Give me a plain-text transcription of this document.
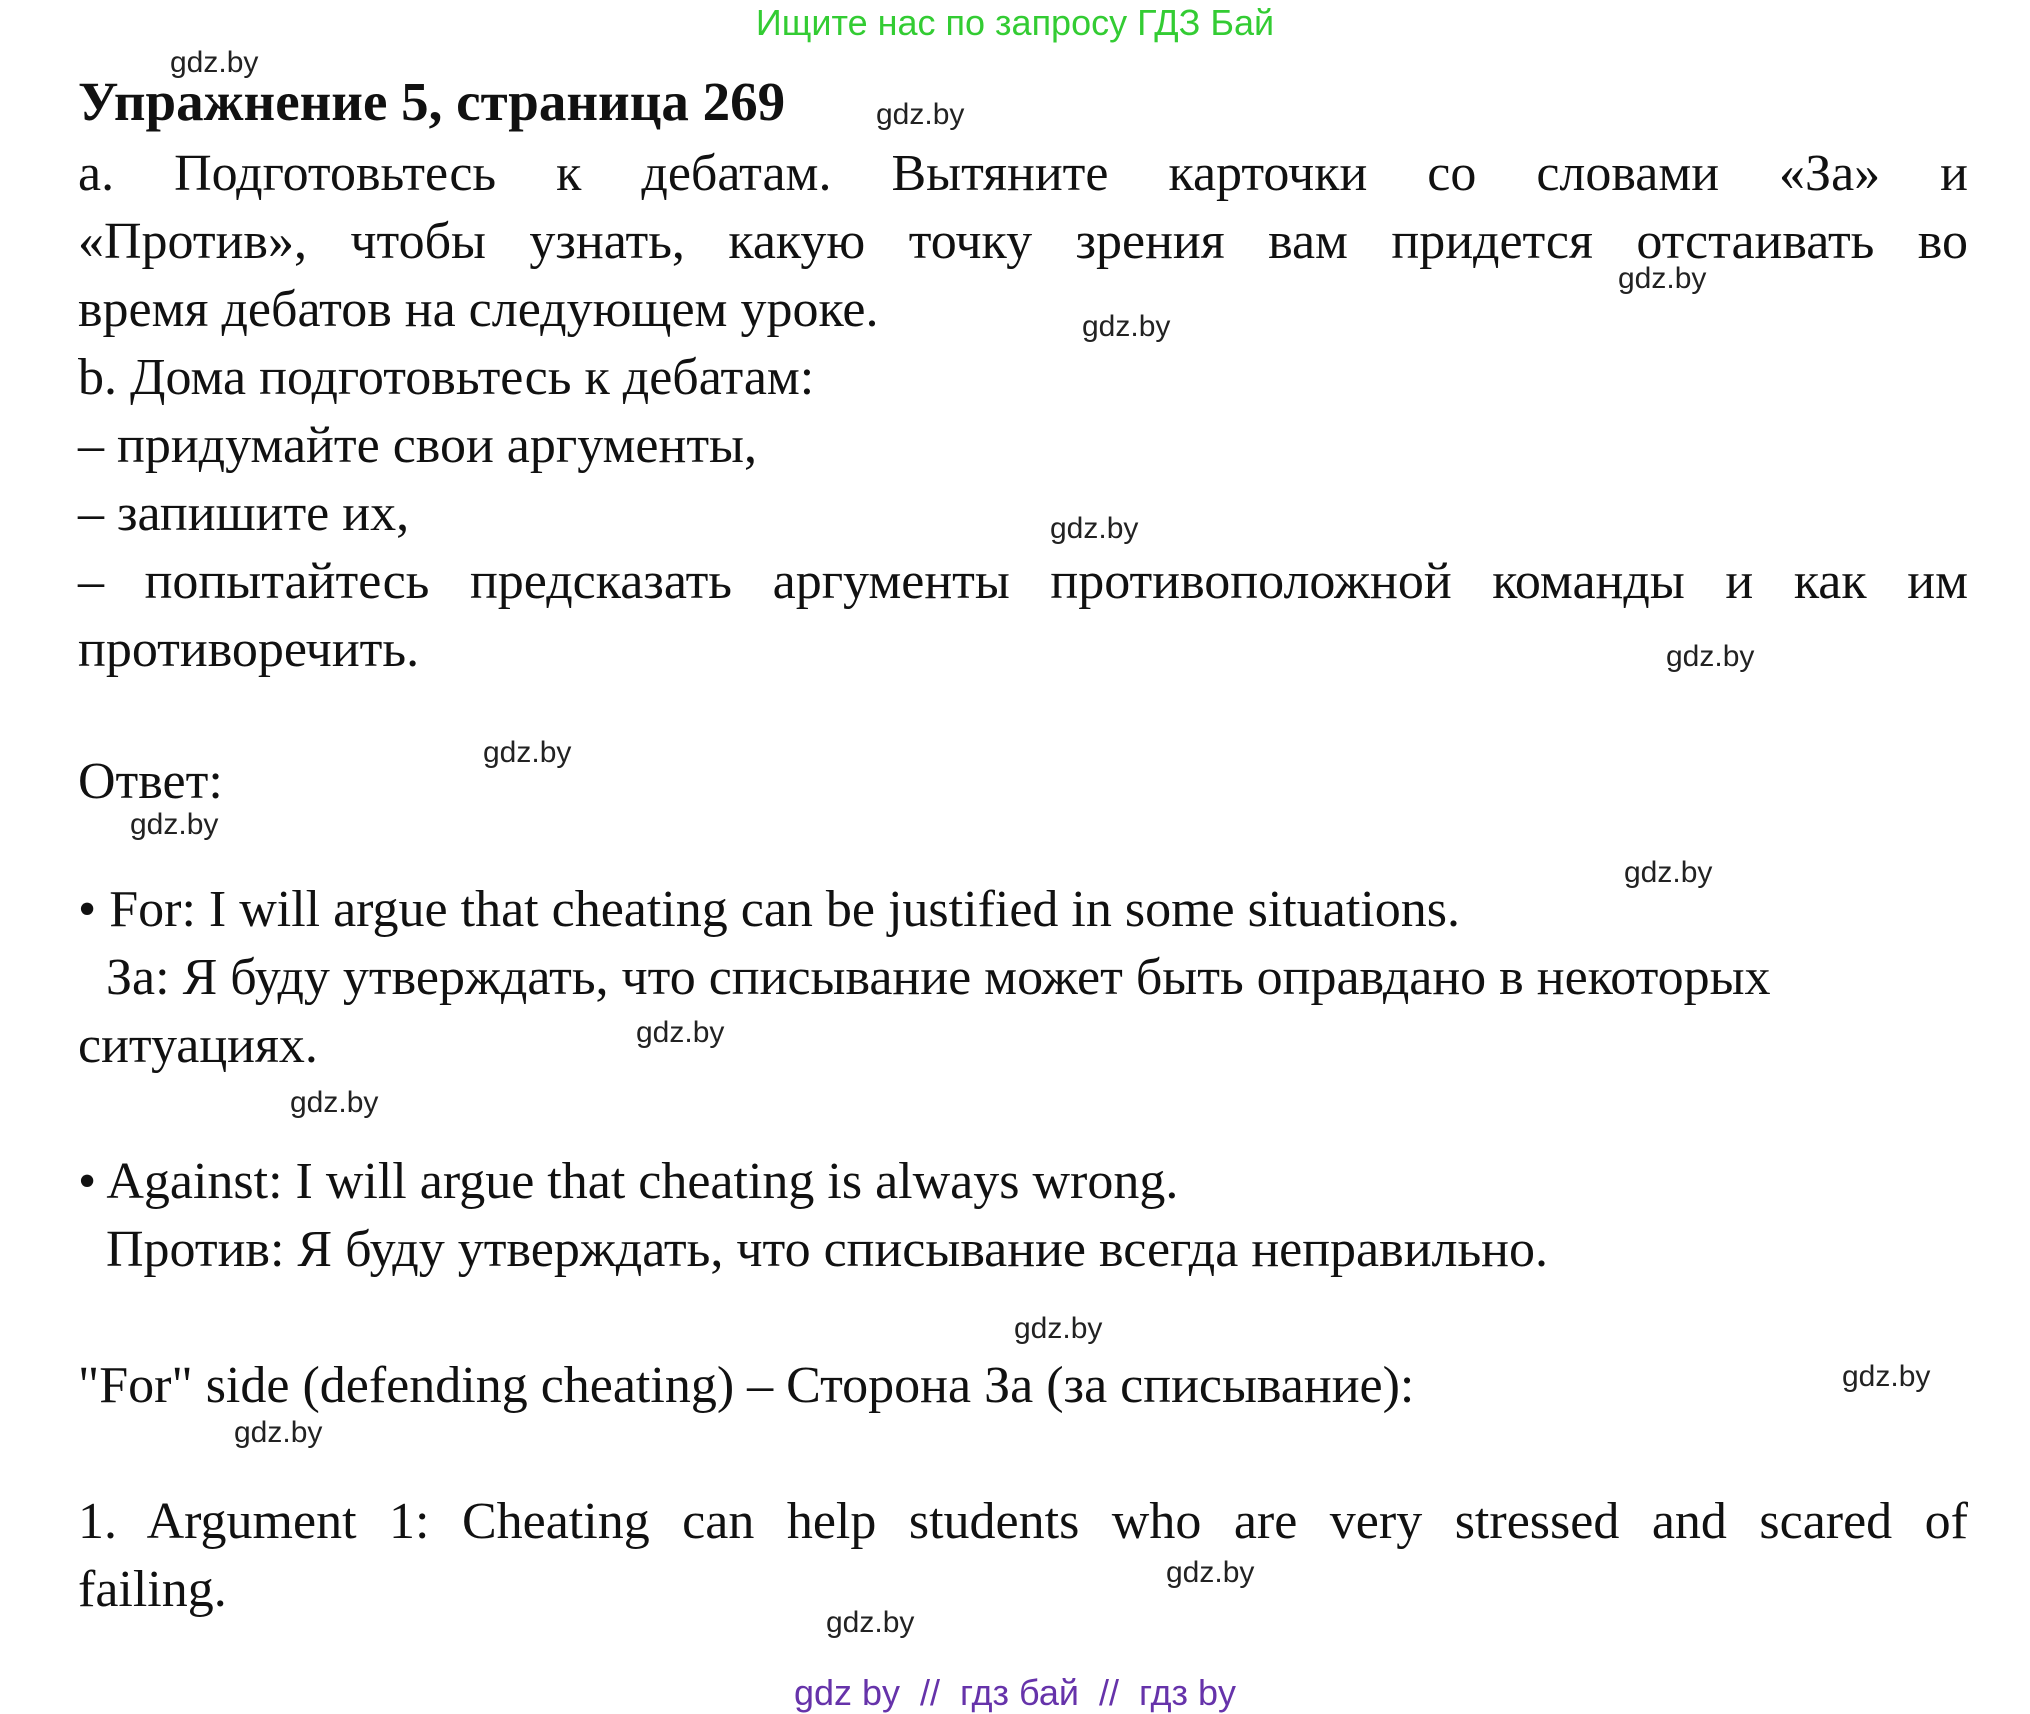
Ищите нас по запросу ГДЗ Бай
gdz.by
Упражнение 5, страница 269	gdz.by
a. Подготовьтесь к дебатам. Вытяните карточки со словами «За» и
«Против», чтобы узнать, какую точку зрения вам придется отстаивать во
gdz.by
время дебатов на следующем уроке.	gdz.by
b. Дома подготовьтесь к дебатам:
– придумайте свои аргументы,
– запишите их,	gdz.by
– попытайтесь предсказать аргументы противоположной команды и как им
противоречить.	gdz.by
gdz.by
Ответ:
gdz.by
gdz.by
• For: I will argue that cheating can be justified in some situations.
За: Я буду утверждать, что списывание может быть оправдано в некоторых
ситуациях.	gdz.by
gdz.by
• Against: I will argue that cheating is always wrong.
Против: Я буду утверждать, что списывание всегда неправильно.
gdz.by
"For" side (defending cheating) – Сторона За (за списывание):	gdz.by
gdz.by
1. Argument 1: Cheating can help students who are very stressed and scared of
gdz.by
failing.
gdz.by
gdz by  //  гдз бай  //  гдз by
